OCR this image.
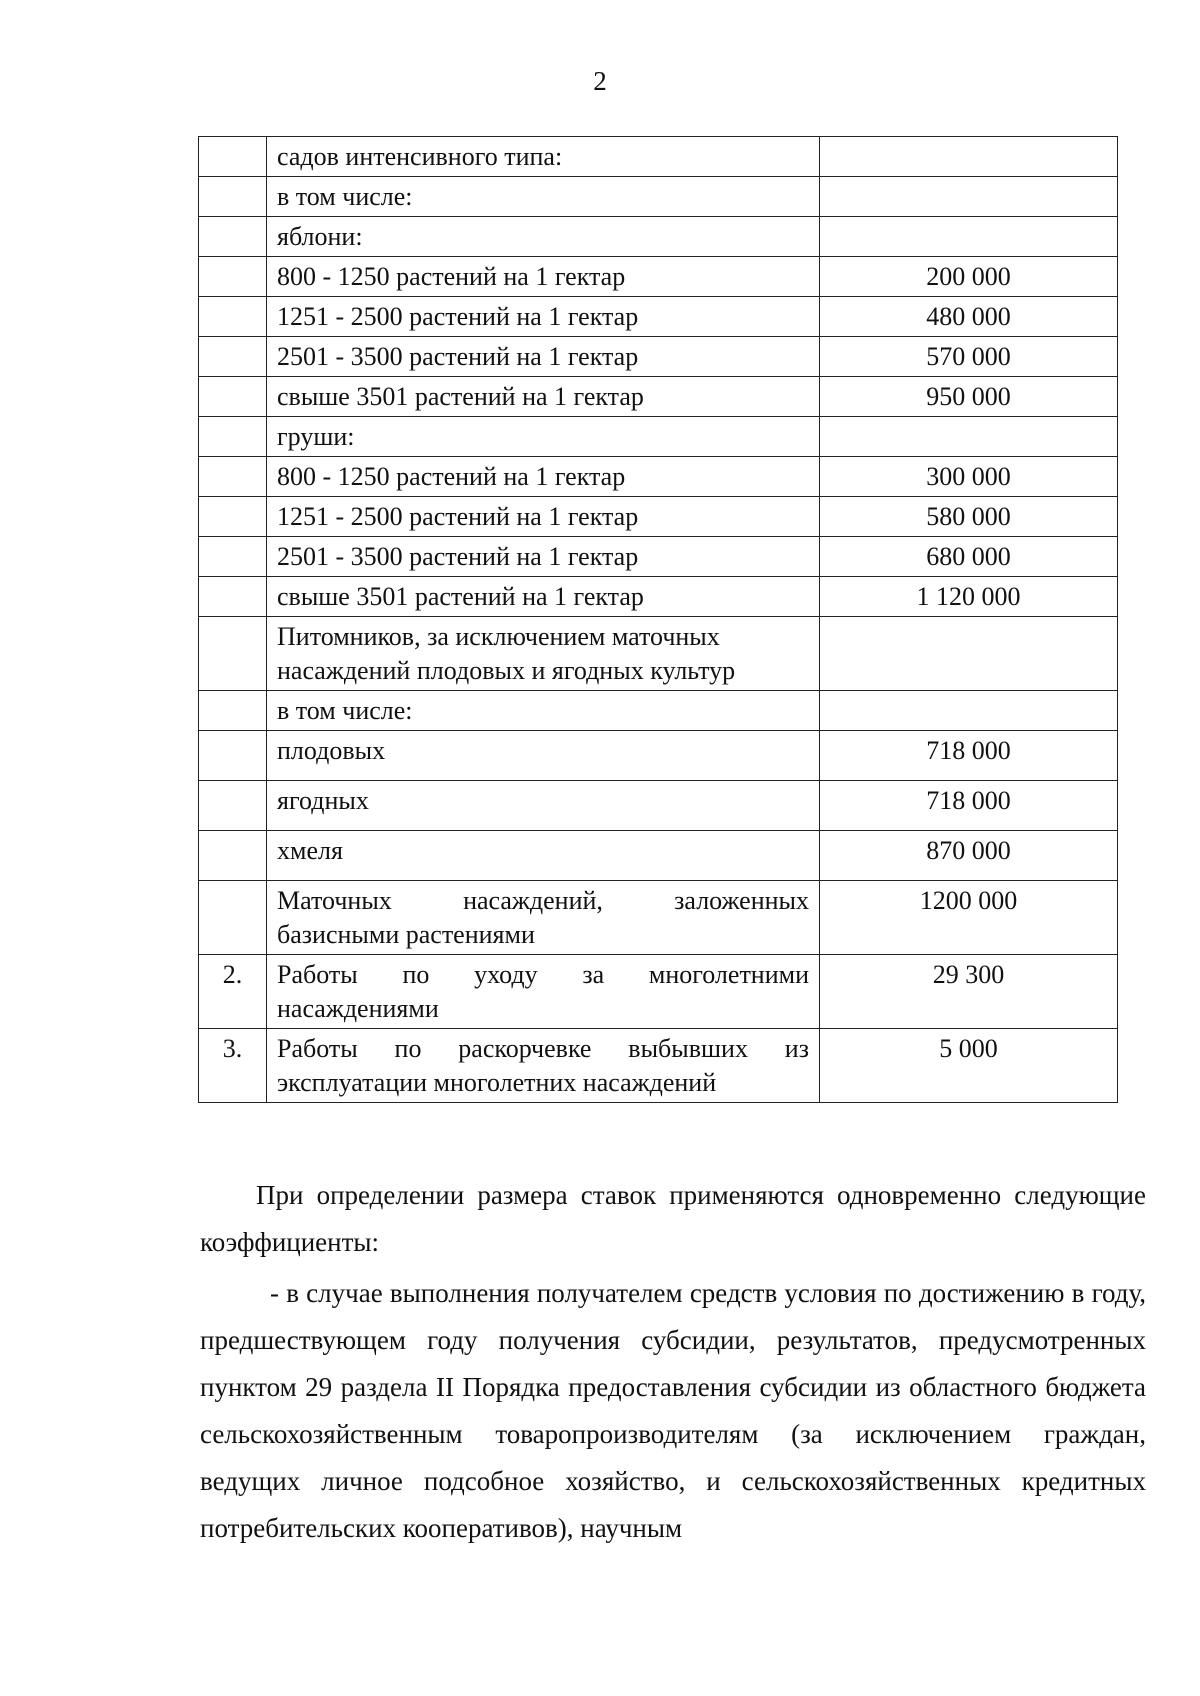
2
	садов интенсивного типа:	
	в том числе:	
	яблони:	
	800 - 1250 растений на 1 гектар	200 000
	1251 - 2500 растений на 1 гектар	480 000
	2501 - 3500 растений на 1 гектар	570 000
	свыше 3501 растений на 1 гектар	950 000
	груши:	
	800 - 1250 растений на 1 гектар	300 000
	1251 - 2500 растений на 1 гектар	580 000
	2501 - 3500 растений на 1 гектар	680 000
	свыше 3501 растений на 1 гектар	1 120 000
	Питомников, за исключением маточных насаждений плодовых и ягодных культур	
	в том числе:	
	плодовых	718 000
	ягодных	718 000
	хмеля	870 000
	Маточных насаждений, заложенных
базисными растениями	1200 000
2.	Работы по уходу за многолетними
насаждениями	29 300
3.	Работы по раскорчевке выбывших из
эксплуатации многолетних насаждений	5 000

При определении размера ставок применяются одновременно следующие коэффициенты:

- в случае выполнения получателем средств условия по достижению в году, предшествующем году получения субсидии, результатов, предусмотренных пунктом 29 раздела II Порядка предоставления субсидии из областного бюджета сельскохозяйственным товаропроизводителям (за исключением граждан, ведущих личное подсобное хозяйство, и сельскохозяйственных кредитных потребительских кооперативов), научным
